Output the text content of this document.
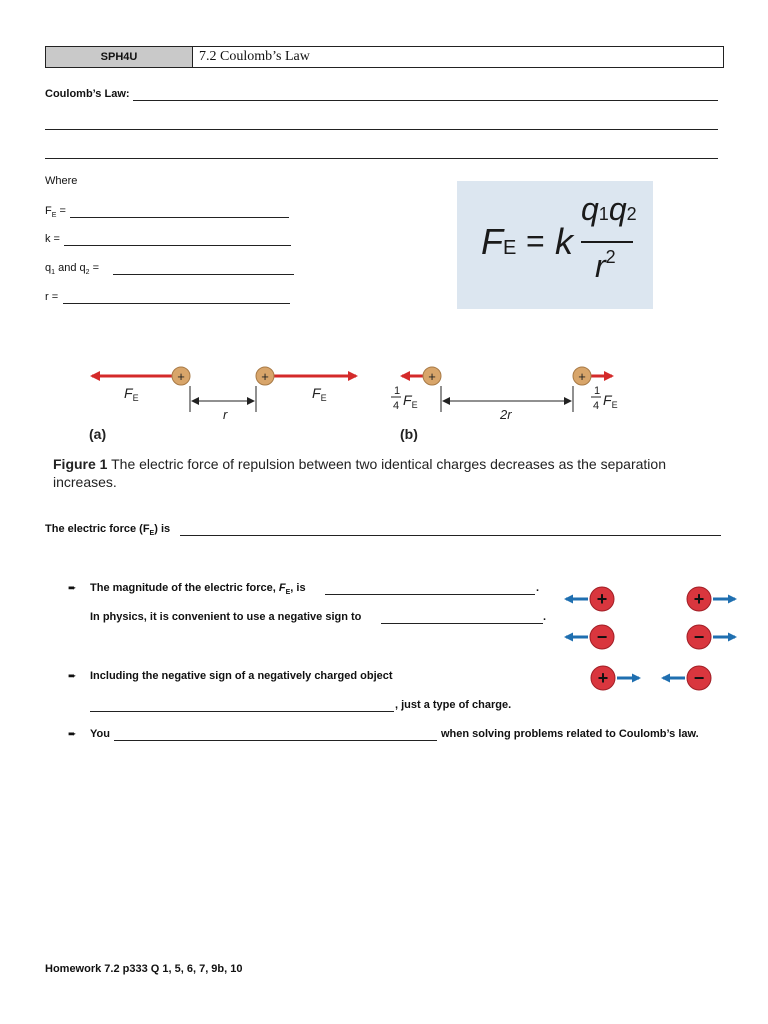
SPH4U	7.2 Coulomb’s Law
Coulomb’s Law:
Where
$F_E$ =
k =
$q_1$ and $q_2$ =
r =
FE = k
q1q2
$r^2$
+	+
$F_E$	$F_E$
r
(a)
+	+
1
4 $F_E$
1
4 $F_E$
2r
(b)
Figure 1 The electric force of repulsion between two identical charges decreases as the separation increases.
The electric force $(F_E)$ is
➨ The magnitude of the electric force, $F_E$, is	.
In physics, it is convenient to use a negative sign to	.
➨ Including the negative sign of a negatively charged object
, just a type of charge.
➨ You	when solving problems related to Coulomb’s law.
+	+
−	−
+	−
Homework 7.2 p333 Q 1, 5, 6, 7, 9b, 10
